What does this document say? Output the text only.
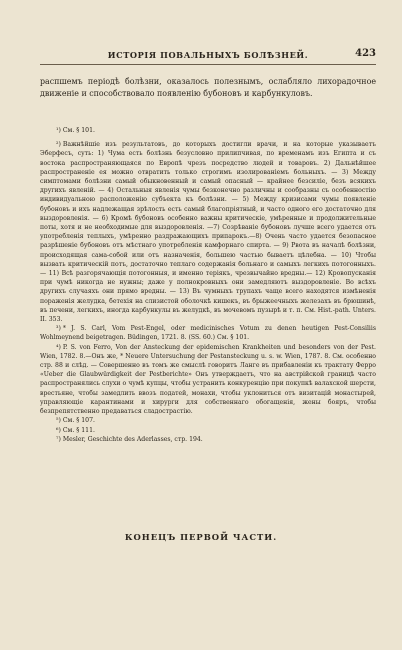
ИСТОРІЯ ПОВАЛЬНЫХЪ БОЛѢЗНЕЙ.	423

распшемъ періодѣ болѣзни, оказалось полезнымъ, ослабляло лихорадочное движеніе и способствовало появленію бубоновъ и карбункуловъ.

¹) См. § 101.

²) Важнѣйшіе изъ результатовъ, до которыхъ достигли врачи, и на которые указываетъ Эберфесъ, суть: 1) Чума есть болѣзнь безусловно прилипчивая, по временамъ изъ Египта и съ востока распространяющаяся по Европѣ чрезъ посредство людей и товаровъ. 2) Дальнѣйшее распространеніе ея можно отвратить только строгимъ изолированіемъ больныхъ. — 3) Между симптомами болѣзни самый обыкновенный и самый опасный — крайнее безсиліе, безъ всякихъ другихъ явленій. — 4) Остальныя явленія чумы безконечно различны и сообразны съ особенностію индивидуальною расположенію субъекта къ болѣзни. — 5) Между кризисами чумы появленіе бубоновъ и ихъ надлежащая зрѣлость есть самый благопріятный, и часто одного его достаточно для выздоровленія. — 6) Кромѣ бубоновъ особенно важны критическіе, умѣренные и продолжительные поты, хотя и не необходимые для выздоровленія. —7) Созрѣваніе бубоновъ лучше всего удается отъ употребленія теплыхъ, умѣренно раздражающихъ припарокъ.—8) Очень часто удается безопасное разрѣшеніе бубоновъ отъ мѣстнаго употребленія камфорнаго спирта. — 9) Рвота въ началѣ болѣзни, происходящая сама-собой или отъ назначенія, большею частью бываетъ цѣлебна. — 10) Чтобы вызвать критическій потъ, достаточно теплаго содержанія больнаго и самыхъ легкихъ потогонныхъ. — 11) Всѣ разгорячающія потогонныя, и именно теріякъ, чрезвычайно вредны.— 12) Кровопусканія при чумѣ никогда не нужны; даже у полнокровныхъ они замедляютъ выздоровленіе. Во всѣхъ другихъ случаяхъ они прямо вредны. — 13) Въ чумныхъ трупахъ чаще всего находятся измѣненія пораженія желудка, бетехія на слизистой оболочкѣ кишекъ, въ брыжеечныхъ железахъ въ брюшинѣ, въ печени, легкихъ, иногда карбункулы въ желудкѣ, въ мочевомъ пузырѣ и т. п. См. Hist.-path. Unters. II. 353.

³) * J. S. Carl, Vom Pest-Engel, oder medicinisches Votum zu denen heutigen Pest-Consiliis Wohlmeynend beigetragen. Büdingen, 1721. 8. (SS. 60.) См. § 101.

⁴) P. S. von Ferro, Von der Ansteckung der epidemischen Krankheiten und besonders von der Pest. Wien, 1782. 8.—Онъ же, * Neuere Untersuchung der Pestansteckung u. s. w. Wien, 1787. 8. См. особенно стр. 88 и слѣд. — Совершенно въ томъ же смыслѣ говоритъ Ланге въ прибавленіи къ трактату Ферро «Ueber die Glaubwürdigkeit der Pestberichte» Онъ утверждаетъ, что на австрійской границѣ часто распространялись слухи о чумѣ купцы, чтобы устранить конкуренцію при покупкѣ валахской шерсти, врестьяне, чтобы замедлить ввозъ податей, монахи, чтобы уклониться отъ визитацій монастырей, управляющіе карантинами и хирурги для собственнаго обогащенія, жены бояръ, чтобы безпрепятственно предаваться сладострастію.

⁵) См. § 107.

⁶) См. § 111.

⁷) Mesler, Geschichte des Aderlasses, стр. 194.

КОНЕЦЪ ПЕРВОЙ ЧАСТИ.
